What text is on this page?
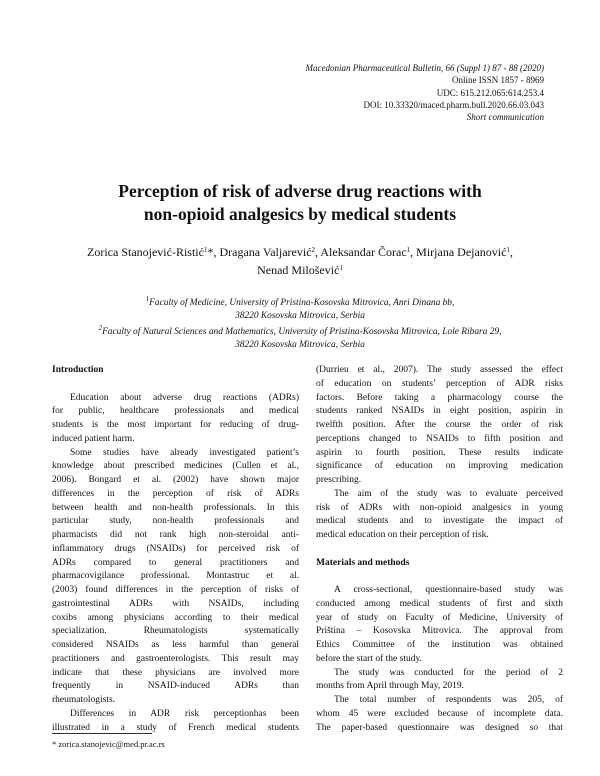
Macedonian Pharmaceutical Bulletin, 66 (Suppl 1) 87 - 88 (2020)
Online ISSN 1857 - 8969
UDC: 615.212.065:614.253.4
DOI: 10.33320/maced.pharm.bull.2020.66.03.043
Short communication
Perception of risk of adverse drug reactions with
non-opioid analgesics by medical students
Zorica Stanojević-Ristić$^1$*, Dragana Valjarević$^2$, Aleksandar Čorac$^1$, Mirjana Dejanović$^1$,
Nenad Milošević$^1$
$^1$Faculty of Medicine, University of Pristina-Kosovska Mitrovica, Anri Dinana bb,
38220 Kosovska Mitrovica, Serbia
$^2$Faculty of Natural Sciences and Mathematics, University of Pristina-Kosovska Mitrovica, Lole Ribara 29,
38220 Kosovska Mitrovica, Serbia
Introduction
Education about adverse drug reactions (ADRs)
for public, healthcare professionals and medical
students is the most important for reducing of drug-
induced patient harm.
Some studies have already investigated patient’s
knowledge about prescribed medicines (Cullen et al.,
2006). Bongard et al. (2002) have shown major
differences in the perception of risk of ADRs
between health and non-health professionals. In this
particular study, non-health professionals and
pharmacists did not rank high non-steroidal anti-
inflammatory drugs (NSAIDs) for perceived risk of
ADRs compared to general practitioners and
pharmacovigilance professional. Montastruc et al.
(2003) found differences in the perception of risks of
gastrointestinal ADRs with NSAIDs, including
coxibs among physicians according to their medical
specialization. Rheumatologists systematically
considered NSAIDs as less harmful than general
practitioners and gastroenterologists. This result may
indicate that these physicians are involved more
frequently in NSAID-induced ADRs than
rheumatologists.
Differences in ADR risk perceptionhas been
illustrated in a study of French medical students
(Durrieu et al., 2007). The study assessed the effect
of education on students’ perception of ADR risks
factors. Before taking a pharmacology course the
students ranked NSAIDs in eight position, aspirin in
twelfth position. After the course the order of risk
perceptions changed to NSAIDs to fifth position and
aspirin to fourth position. These results indicate
significance of education on improving medication
prescribing.
The aim of the study was to evaluate perceived
risk of ADRs with non-opioid analgesics in young
medical students and to investigate the impact of
medical education on their perception of risk.
Materials and methods
A cross-sectional, questionnaire-based study was
conducted among medical students of first and sixth
year of study on Faculty of Medicine, University of
Priština – Kosovska Mitrovica. The approval from
Ethics Committee of the institution was obtained
before the start of the study.
The study was conducted for the period of 2
months from April through May, 2019.
The total number of respondents was 205, of
whom 45 were excluded because of incomplete data.
The paper-based questionnaire was designed so that
* zorica.stanojevic@med.pr.ac.rs
